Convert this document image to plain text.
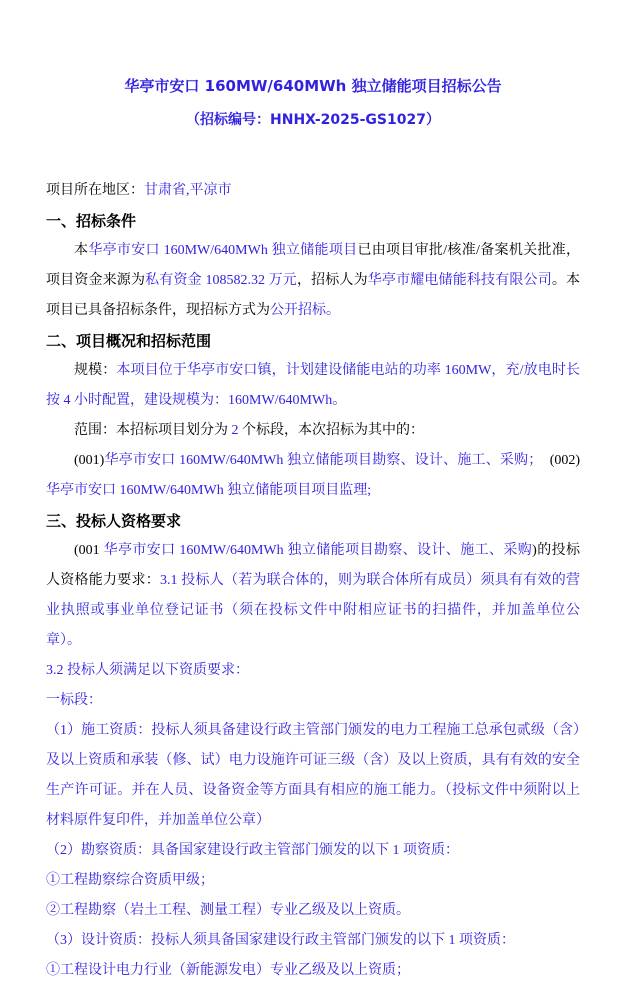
华亭市安口 160MW/640MWh 独立储能项目招标公告
（招标编号：HNHX-2025-GS1027）
项目所在地区：甘肃省,平凉市
一、招标条件
本华亭市安口 160MW/640MWh 独立储能项目已由项目审批/核准/备案机关批准，项目资金来源为私有资金 108582.32 万元，招标人为华亭市耀电储能科技有限公司。本项目已具备招标条件，现招标方式为公开招标。
二、项目概况和招标范围
规模：本项目位于华亭市安口镇，计划建设储能电站的功率 160MW，充/放电时长按 4 小时配置，建设规模为：160MW/640MWh。
范围：本招标项目划分为 2 个标段，本次招标为其中的：
(001)华亭市安口 160MW/640MWh 独立储能项目勘察、设计、施工、采购；　 (002)华亭市安口 160MW/640MWh 独立储能项目项目监理;
三、投标人资格要求
(001 华亭市安口 160MW/640MWh 独立储能项目勘察、设计、施工、采购)的投标人资格能力要求：3.1 投标人（若为联合体的，则为联合体所有成员）须具有有效的营业执照或事业单位登记证书（须在投标文件中附相应证书的扫描件，并加盖单位公章）。
3.2 投标人须满足以下资质要求：
一标段：
（1）施工资质：投标人须具备建设行政主管部门颁发的电力工程施工总承包贰级（含）及以上资质和承装（修、试）电力设施许可证三级（含）及以上资质，具有有效的安全生产许可证。并在人员、设备资金等方面具有相应的施工能力。（投标文件中须附以上材料原件复印件，并加盖单位公章）
（2）勘察资质：具备国家建设行政主管部门颁发的以下 1 项资质：
①工程勘察综合资质甲级；
②工程勘察（岩土工程、测量工程）专业乙级及以上资质。
（3）设计资质：投标人须具备国家建设行政主管部门颁发的以下 1 项资质：
①工程设计电力行业（新能源发电）专业乙级及以上资质；
